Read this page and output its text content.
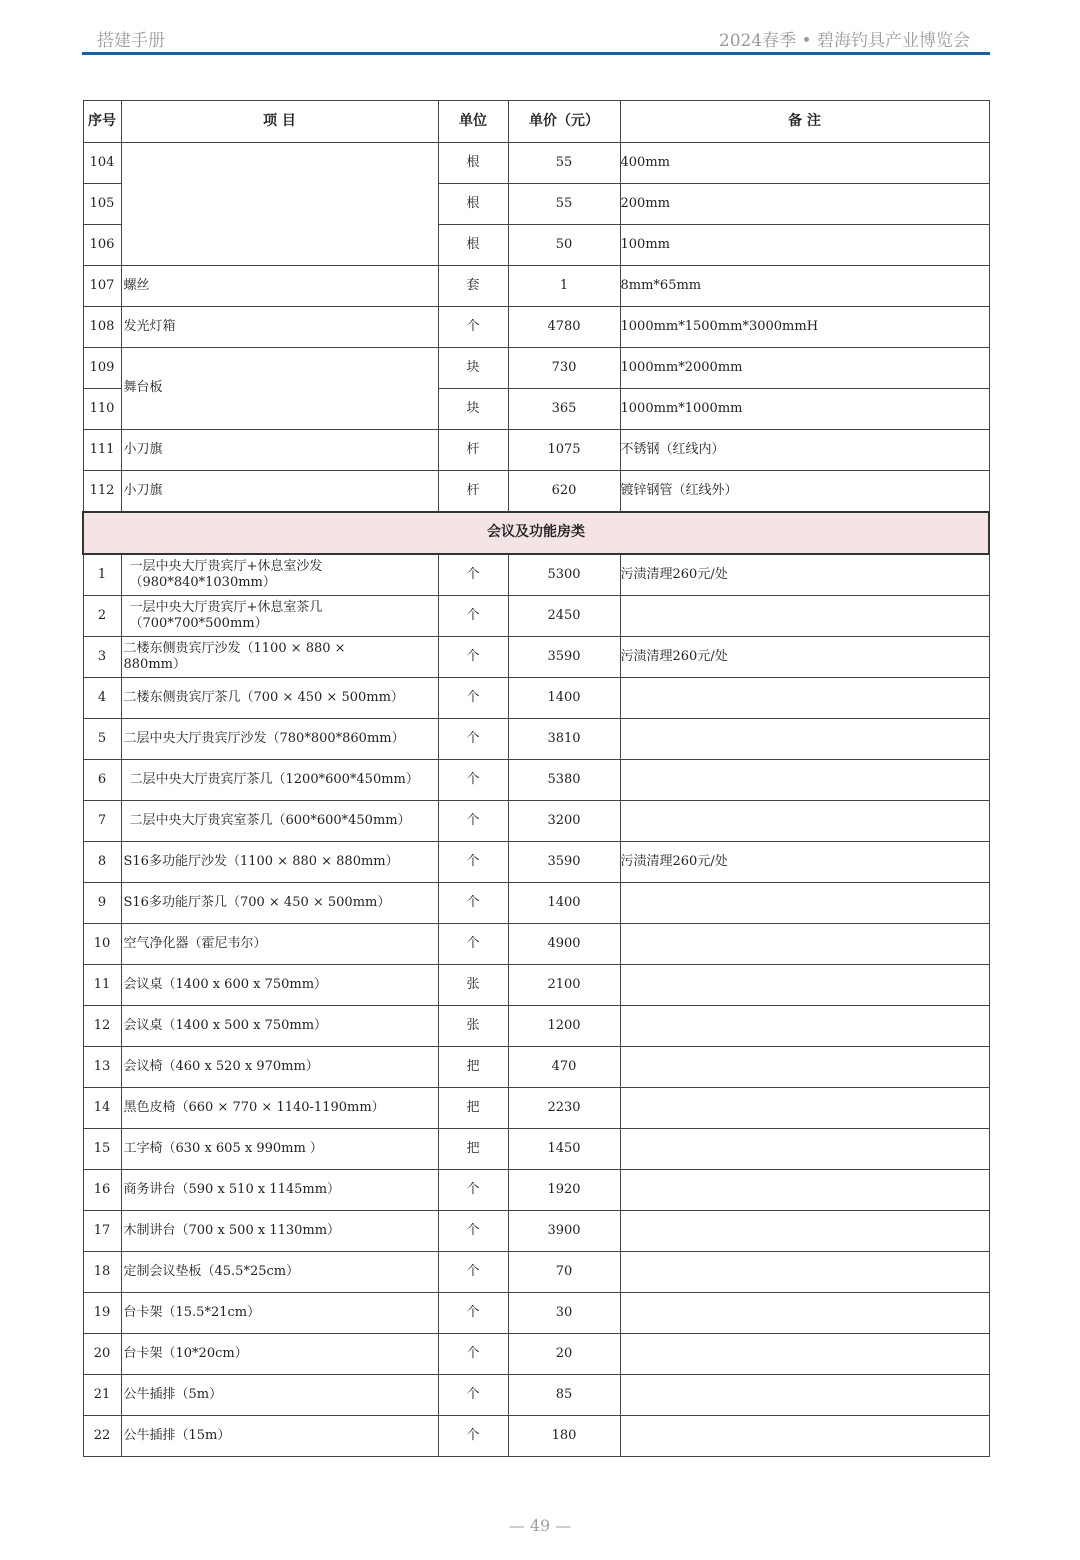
搭建手册	2024春季 • 碧海钓具产业博览会
序号	项 目	单位	单价（元）	备 注
104		根	55	400mm
105		根	55	200mm
106		根	50	100mm
107	螺丝	套	1	8mm*65mm
108	发光灯箱	个	4780	1000mm*1500mm*3000mmH
109	舞台板	块	730	1000mm*2000mm
110		块	365	1000mm*1000mm
111	小刀旗	杆	1075	不锈钢（红线内）
112	小刀旗	杆	620	镀锌钢管（红线外）
会议及功能房类				
1	一层中央大厅贵宾厅+休息室沙发
（980*840*1030mm）	个	5300	污渍清理260元/处
2	一层中央大厅贵宾厅+休息室茶几
（700*700*500mm）	个	2450	
3	二楼东侧贵宾厅沙发（1100 × 880 ×
880mm）	个	3590	污渍清理260元/处
4	二楼东侧贵宾厅茶几（700 × 450 × 500mm）	个	1400	
5	二层中央大厅贵宾厅沙发（780*800*860mm）	个	3810	
6	二层中央大厅贵宾厅茶几（1200*600*450mm）	个	5380	
7	二层中央大厅贵宾室茶几（600*600*450mm）	个	3200	
8	S16多功能厅沙发（1100 × 880 × 880mm）	个	3590	污渍清理260元/处
9	S16多功能厅茶几（700 × 450 × 500mm）	个	1400	
10	空气净化器（霍尼韦尔）	个	4900	
11	会议桌（1400 x 600 x 750mm）	张	2100	
12	会议桌（1400 x 500 x 750mm）	张	1200	
13	会议椅（460 x 520 x 970mm）	把	470	
14	黑色皮椅（660 × 770 × 1140-1190mm）	把	2230	
15	工字椅（630 x 605 x 990mm ）	把	1450	
16	商务讲台（590 x 510 x 1145mm）	个	1920	
17	木制讲台（700 x 500 x 1130mm）	个	3900	
18	定制会议垫板（45.5*25cm）	个	70	
19	台卡架（15.5*21cm）	个	30	
20	台卡架（10*20cm）	个	20	
21	公牛插排（5m）	个	85	
22	公牛插排（15m）	个	180	
— 49 —
